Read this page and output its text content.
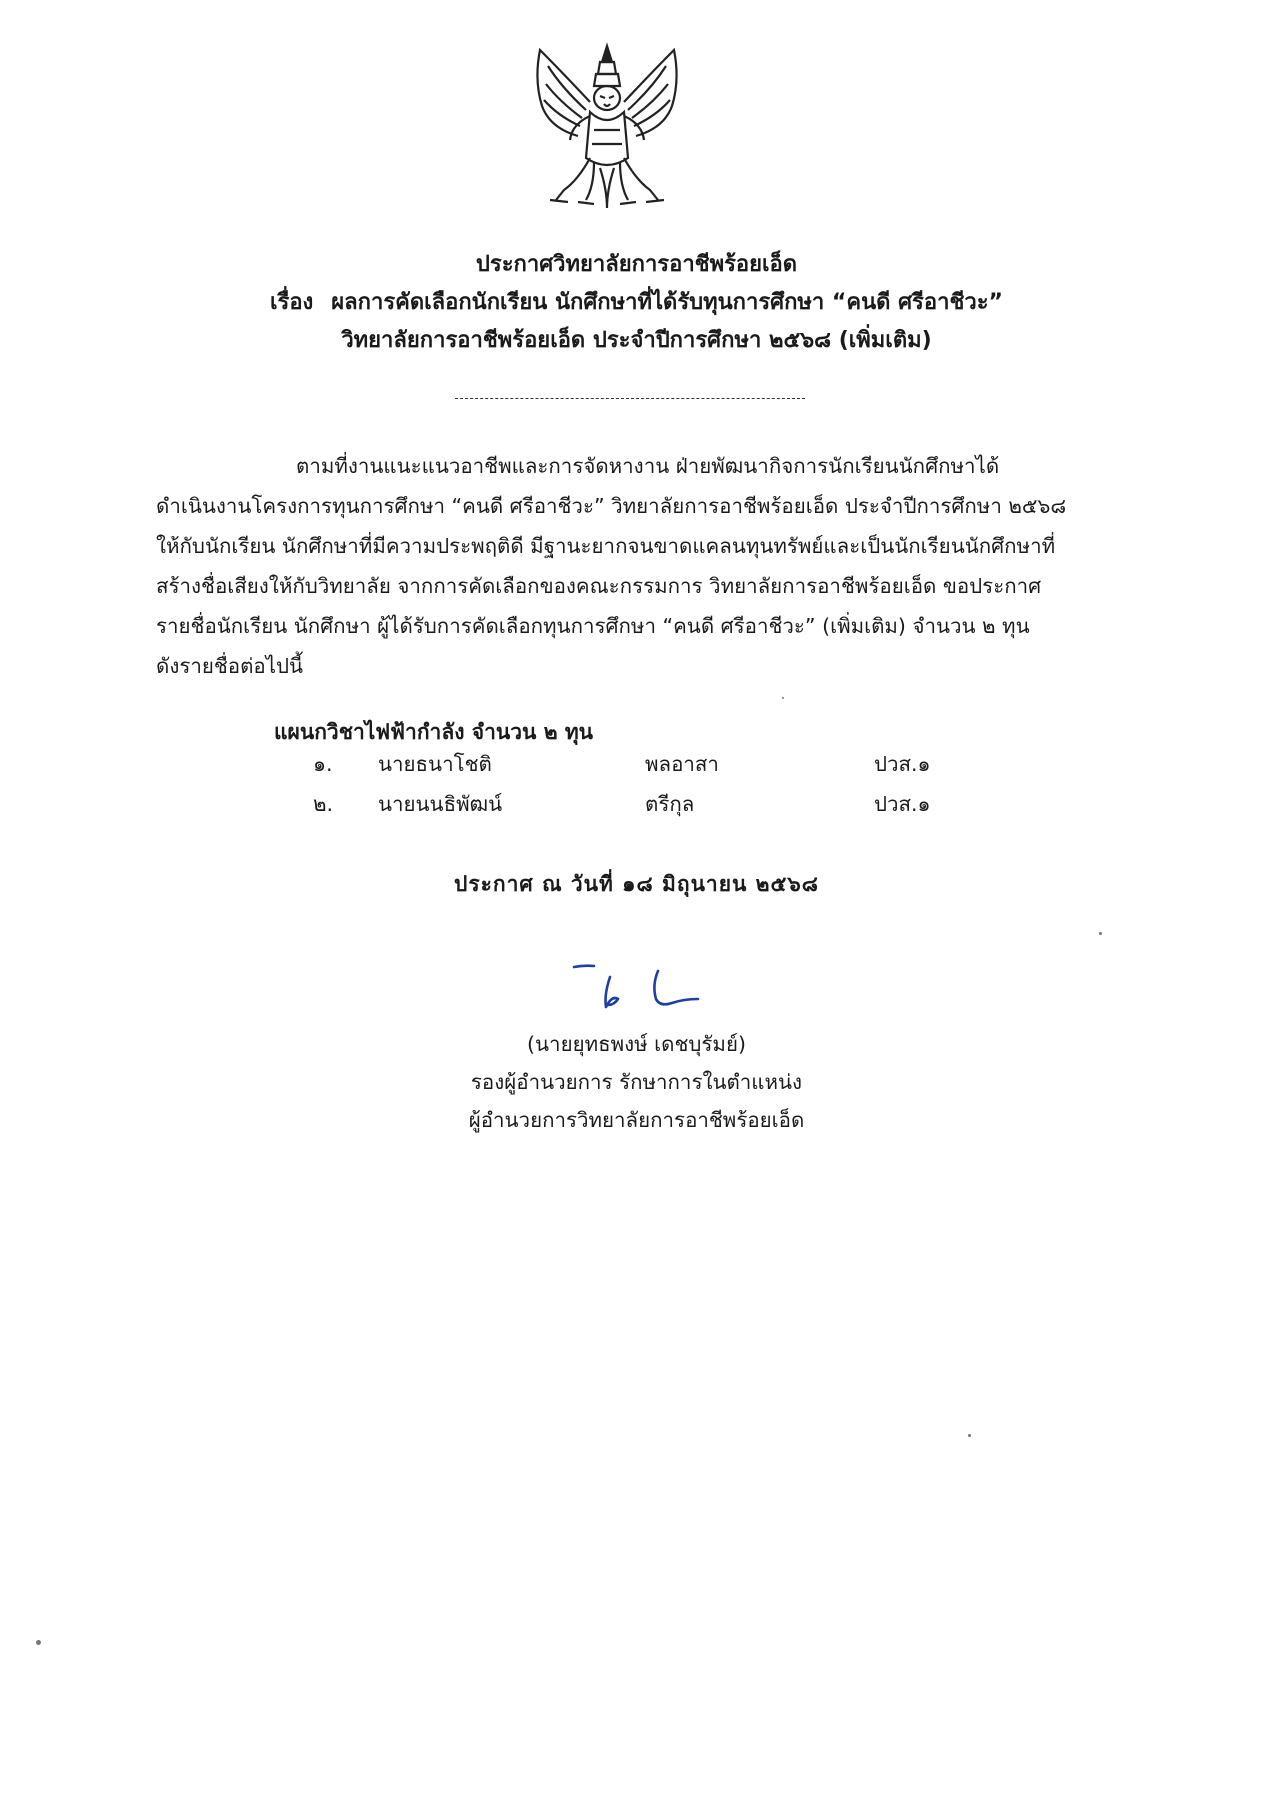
ประกาศวิทยาลัยการอาชีพร้อยเอ็ด
เรื่อง ผลการคัดเลือกนักเรียน นักศึกษาที่ได้รับทุนการศึกษา “คนดี ศรีอาชีวะ”
วิทยาลัยการอาชีพร้อยเอ็ด ประจำปีการศึกษา ๒๕๖๘ (เพิ่มเติม)
ตามที่งานแนะแนวอาชีพและการจัดหางาน ฝ่ายพัฒนากิจการนักเรียนนักศึกษาได้
ดำเนินงานโครงการทุนการศึกษา “คนดี ศรีอาชีวะ” วิทยาลัยการอาชีพร้อยเอ็ด ประจำปีการศึกษา ๒๕๖๘
ให้กับนักเรียน นักศึกษาที่มีความประพฤติดี มีฐานะยากจนขาดแคลนทุนทรัพย์และเป็นนักเรียนนักศึกษาที่
สร้างชื่อเสียงให้กับวิทยาลัย จากการคัดเลือกของคณะกรรมการ วิทยาลัยการอาชีพร้อยเอ็ด ขอประกาศ
รายชื่อนักเรียน นักศึกษา ผู้ได้รับการคัดเลือกทุนการศึกษา “คนดี ศรีอาชีวะ” (เพิ่มเติม) จำนวน ๒ ทุน
ดังรายชื่อต่อไปนี้
แผนกวิชาไฟฟ้ากำลัง จำนวน ๒ ทุน
๑. นายธนาโชติ	พลอาสา	ปวส.๑
๒. นายนนธิพัฒน์	ตรีกุล	ปวส.๑
ประกาศ ณ วันที่ ๑๘ มิถุนายน ๒๕๖๘
(นายยุทธพงษ์ เดชบุรัมย์)
รองผู้อำนวยการ รักษาการในตำแหน่ง
ผู้อำนวยการวิทยาลัยการอาชีพร้อยเอ็ด
